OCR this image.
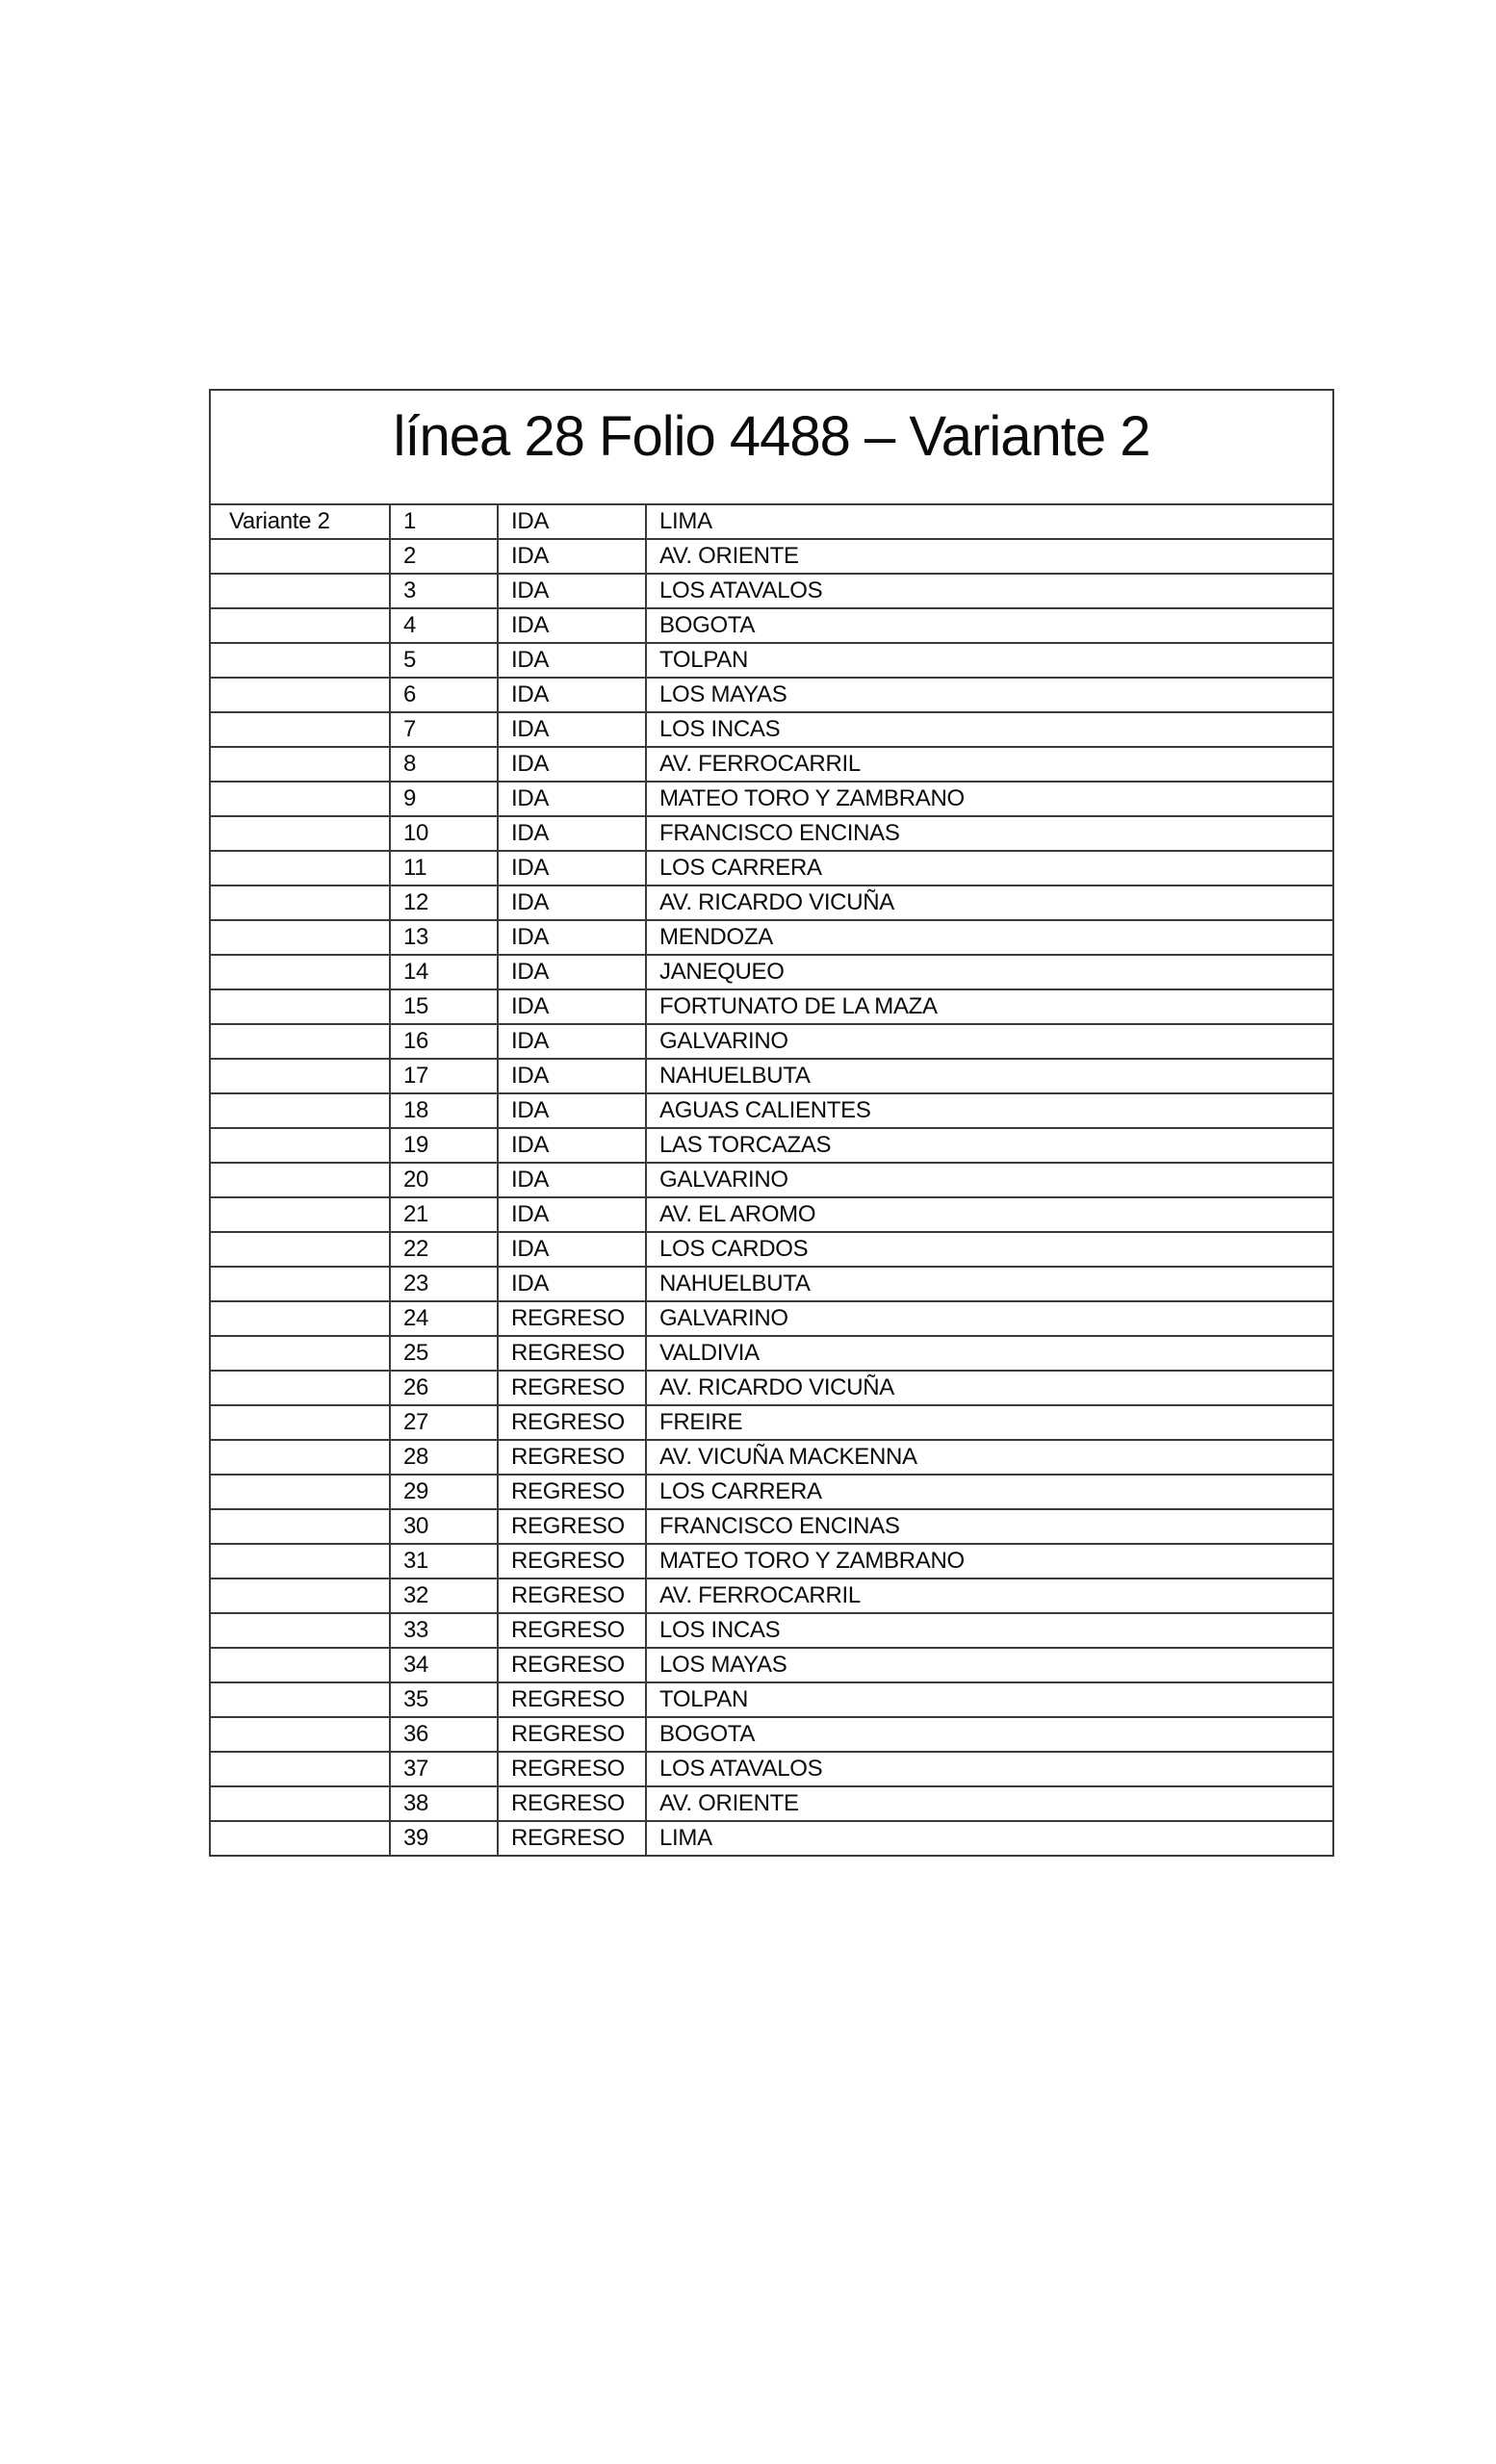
línea 28 Folio 4488 – Variante 2
Variante 2	1	IDA	LIMA
	2	IDA	AV. ORIENTE
	3	IDA	LOS ATAVALOS
	4	IDA	BOGOTA
	5	IDA	TOLPAN
	6	IDA	LOS MAYAS
	7	IDA	LOS INCAS
	8	IDA	AV. FERROCARRIL
	9	IDA	MATEO TORO Y ZAMBRANO
	10	IDA	FRANCISCO ENCINAS
	11	IDA	LOS CARRERA
	12	IDA	AV. RICARDO VICUÑA
	13	IDA	MENDOZA
	14	IDA	JANEQUEO
	15	IDA	FORTUNATO DE LA MAZA
	16	IDA	GALVARINO
	17	IDA	NAHUELBUTA
	18	IDA	AGUAS CALIENTES
	19	IDA	LAS TORCAZAS
	20	IDA	GALVARINO
	21	IDA	AV. EL AROMO
	22	IDA	LOS CARDOS
	23	IDA	NAHUELBUTA
	24	REGRESO	GALVARINO
	25	REGRESO	VALDIVIA
	26	REGRESO	AV. RICARDO VICUÑA
	27	REGRESO	FREIRE
	28	REGRESO	AV. VICUÑA MACKENNA
	29	REGRESO	LOS CARRERA
	30	REGRESO	FRANCISCO ENCINAS
	31	REGRESO	MATEO TORO Y ZAMBRANO
	32	REGRESO	AV. FERROCARRIL
	33	REGRESO	LOS INCAS
	34	REGRESO	LOS MAYAS
	35	REGRESO	TOLPAN
	36	REGRESO	BOGOTA
	37	REGRESO	LOS ATAVALOS
	38	REGRESO	AV. ORIENTE
	39	REGRESO	LIMA
